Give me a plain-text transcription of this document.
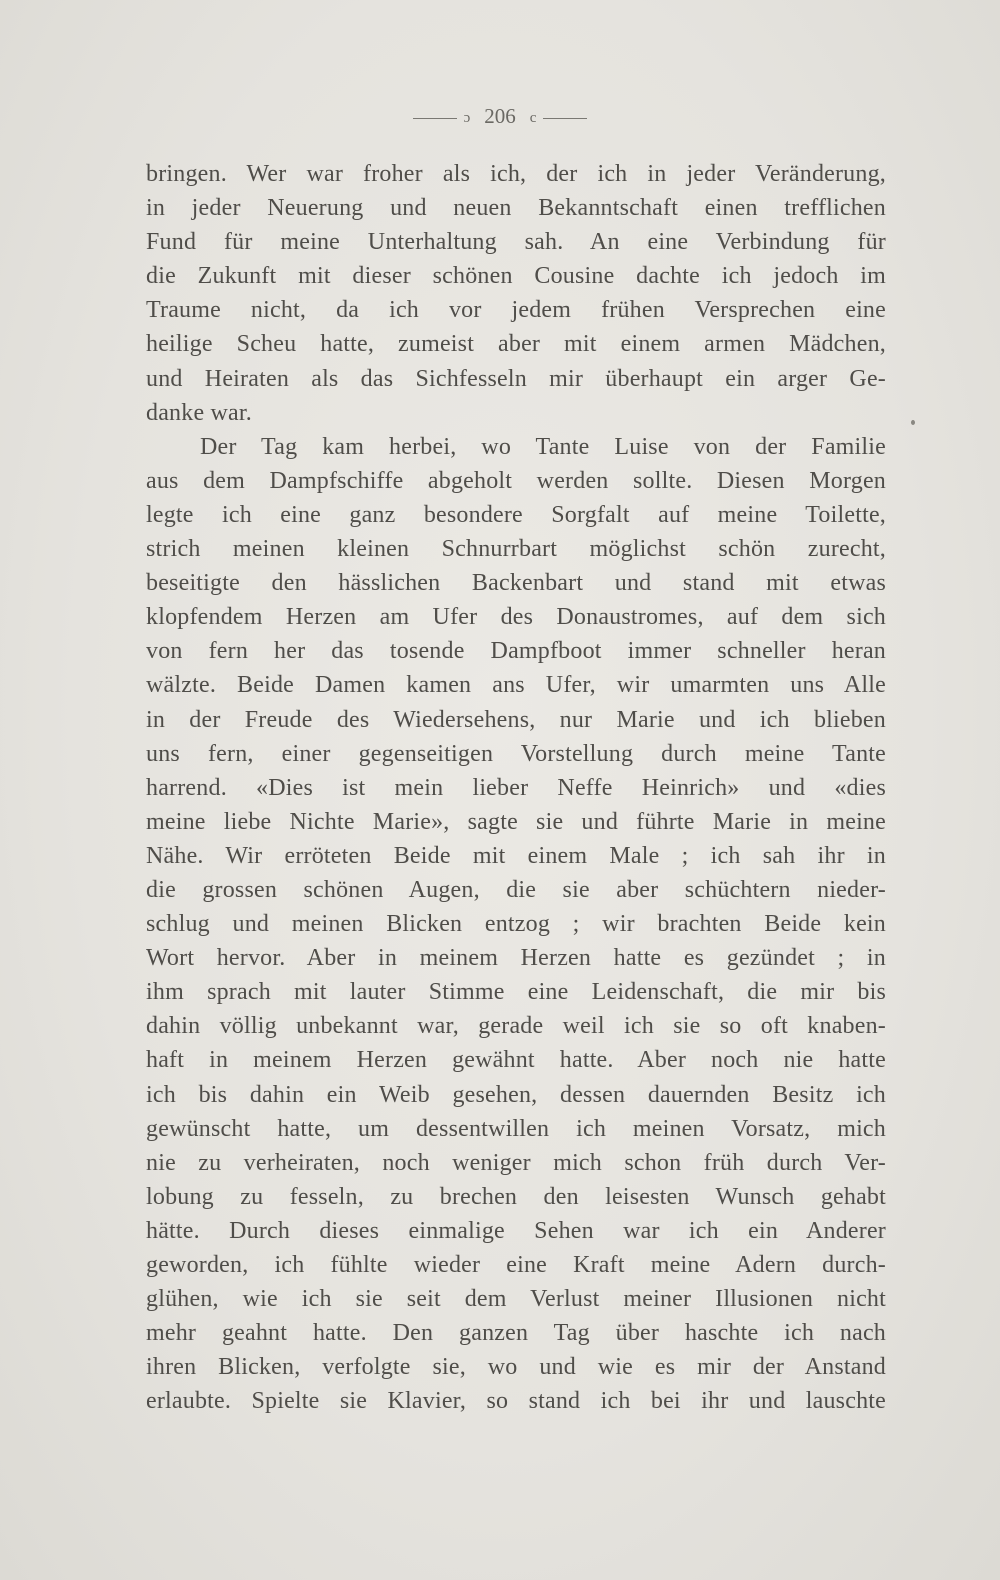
ɔ 206 c
bringen. Wer war froher als ich, der ich in jeder Veränderung,
in jeder Neuerung und neuen Bekanntschaft einen trefflichen
Fund für meine Unterhaltung sah. An eine Verbindung für
die Zukunft mit dieser schönen Cousine dachte ich jedoch im
Traume nicht, da ich vor jedem frühen Versprechen eine
heilige Scheu hatte, zumeist aber mit einem armen Mädchen,
und Heiraten als das Sichfesseln mir überhaupt ein arger Ge-
danke war.
Der Tag kam herbei, wo Tante Luise von der Familie
aus dem Dampfschiffe abgeholt werden sollte. Diesen Morgen
legte ich eine ganz besondere Sorgfalt auf meine Toilette,
strich meinen kleinen Schnurrbart möglichst schön zurecht,
beseitigte den hässlichen Backenbart und stand mit etwas
klopfendem Herzen am Ufer des Donaustromes, auf dem sich
von fern her das tosende Dampfboot immer schneller heran
wälzte. Beide Damen kamen ans Ufer, wir umarmten uns Alle
in der Freude des Wiedersehens, nur Marie und ich blieben
uns fern, einer gegenseitigen Vorstellung durch meine Tante
harrend. «Dies ist mein lieber Neffe Heinrich» und «dies
meine liebe Nichte Marie», sagte sie und führte Marie in meine
Nähe. Wir erröteten Beide mit einem Male ; ich sah ihr in
die grossen schönen Augen, die sie aber schüchtern nieder-
schlug und meinen Blicken entzog ; wir brachten Beide kein
Wort hervor. Aber in meinem Herzen hatte es gezündet ; in
ihm sprach mit lauter Stimme eine Leidenschaft, die mir bis
dahin völlig unbekannt war, gerade weil ich sie so oft knaben-
haft in meinem Herzen gewähnt hatte. Aber noch nie hatte
ich bis dahin ein Weib gesehen, dessen dauernden Besitz ich
gewünscht hatte, um dessentwillen ich meinen Vorsatz, mich
nie zu verheiraten, noch weniger mich schon früh durch Ver-
lobung zu fesseln, zu brechen den leisesten Wunsch gehabt
hätte. Durch dieses einmalige Sehen war ich ein Anderer
geworden, ich fühlte wieder eine Kraft meine Adern durch-
glühen, wie ich sie seit dem Verlust meiner Illusionen nicht
mehr geahnt hatte. Den ganzen Tag über haschte ich nach
ihren Blicken, verfolgte sie, wo und wie es mir der Anstand
erlaubte. Spielte sie Klavier, so stand ich bei ihr und lauschte
